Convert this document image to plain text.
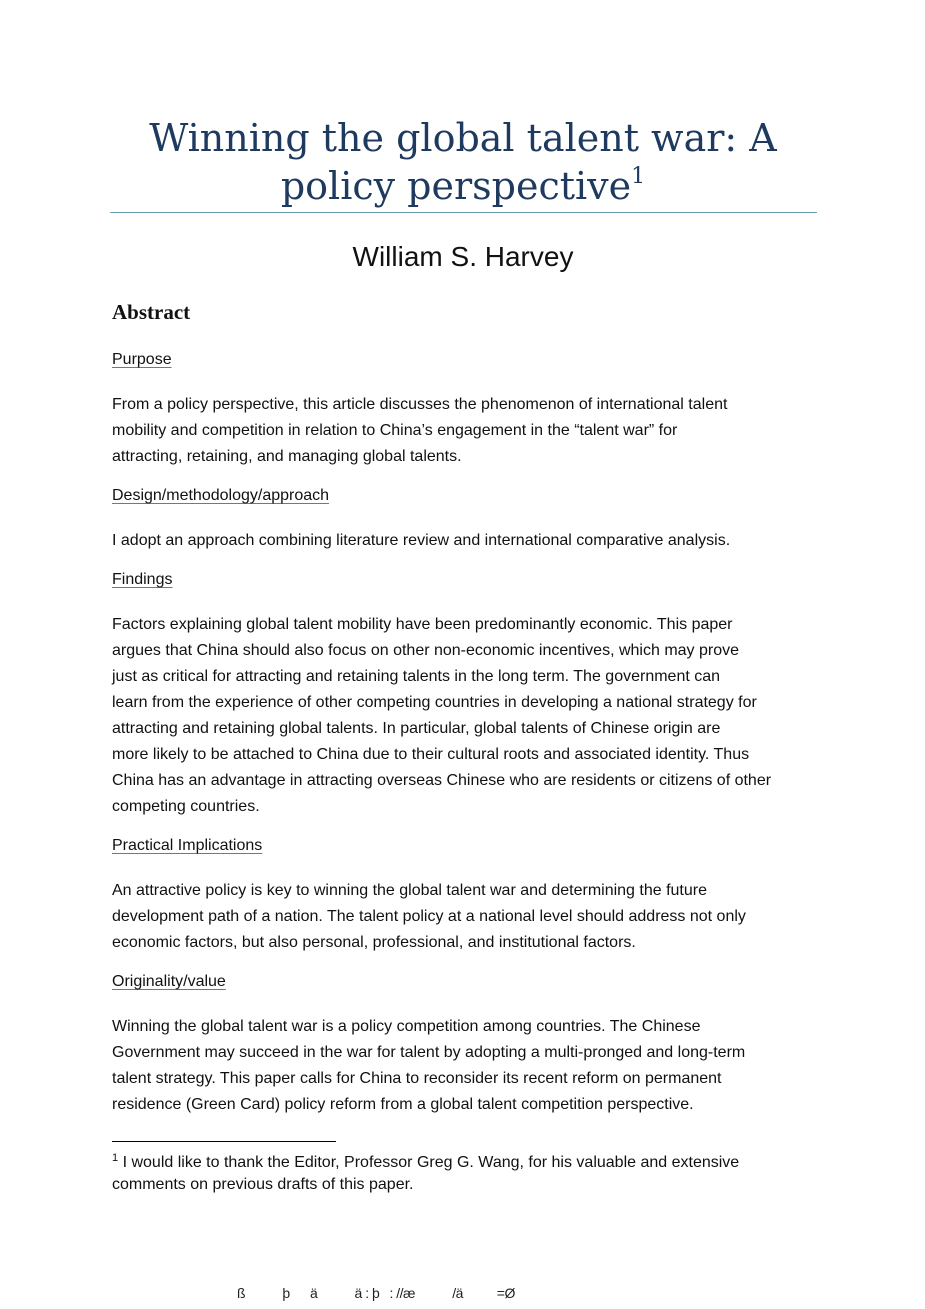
Winning the global talent war: A policy perspective$^1$
William S. Harvey
Abstract
Purpose

From a policy perspective, this article discusses the phenomenon of international talent

mobility and competition in relation to China’s engagement in the “talent war” for

attracting, retaining, and managing global talents.

Design/methodology/approach

I adopt an approach combining literature review and international comparative analysis.

Findings

Factors explaining global talent mobility have been predominantly economic. This paper

argues that China should also focus on other non-economic incentives, which may prove

just as critical for attracting and retaining talents in the long term. The government can

learn from the experience of other competing countries in developing a national strategy for

attracting and retaining global talents. In particular, global talents of Chinese origin are

more likely to be attached to China due to their cultural roots and associated identity. Thus

China has an advantage in attracting overseas Chinese who are residents or citizens of other

competing countries.

Practical Implications

An attractive policy is key to winning the global talent war and determining the future

development path of a nation. The talent policy at a national level should address not only

economic factors, but also personal, professional, and institutional factors.

Originality/value

Winning the global talent war is a policy competition among countries. The Chinese

Government may succeed in the war for talent by adopting a multi-pronged and long-term

talent strategy. This paper calls for China to reconsider its recent reform on permanent

residence (Green Card) policy reform from a global talent competition perspective.

$^1$ I would like to thank the Editor, Professor Greg G. Wang, for his valuable and extensive
comments on previous drafts of this paper.
ß           þ      ä           ä : þ   : //æ           /ä          =Ø
